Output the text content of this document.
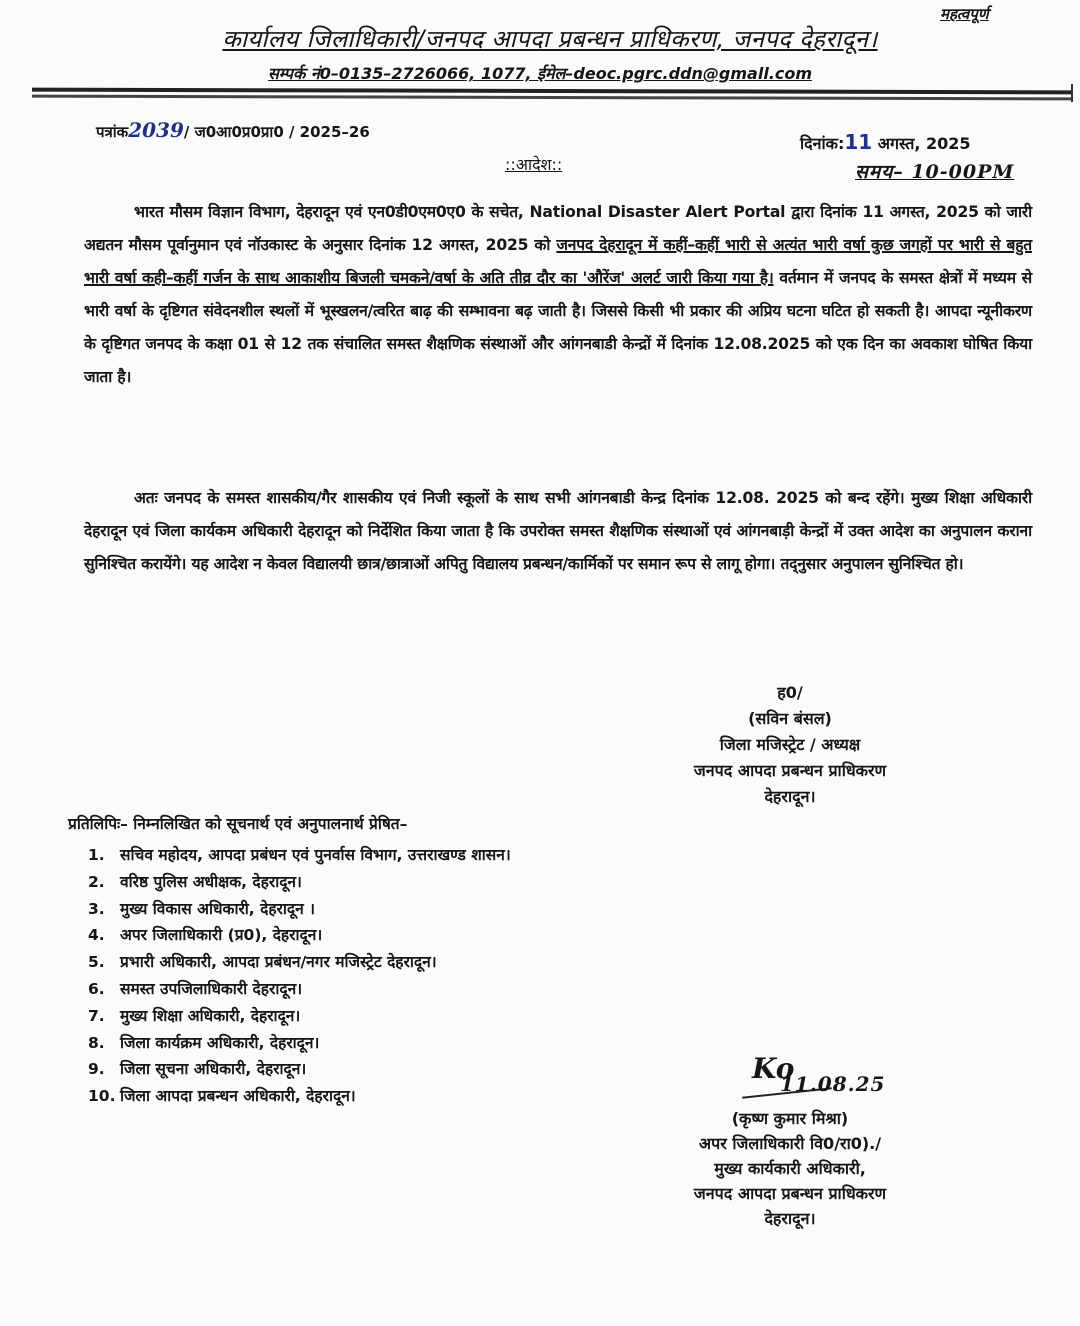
महत्वपूर्ण
कार्यालय जिलाधिकारी/जनपद आपदा प्रबन्धन प्राधिकरण, जनपद देहरादून।
सम्पर्क नं0–0135–2726066, 1077, ईमेल–deoc.pgrc.ddn@gmall.com
पत्रांक2039/ ज0आ0प्र0प्रा0 / 2025–26
दिनांक:11 अगस्त, 2025
::आदेश::	समय– 10-00PM
भारत मौसम विज्ञान विभाग, देहरादून एवं एन0डी0एम0ए0 के सचेत, National Disaster Alert Portal द्वारा दिनांक 11 अगस्त, 2025 को जारी अद्यतन मौसम पूर्वानुमान एवं नॉउकास्ट के अनुसार दिनांक 12 अगस्त, 2025 को जनपद देहरादून में कहीं–कहीं भारी से अत्यंत भारी वर्षा कुछ जगहों पर भारी से बहुत भारी वर्षा कही–कहीं गर्जन के साथ आकाशीय बिजली चमकने/वर्षा के अति तीव्र दौर का 'औरेंज' अलर्ट जारी किया गया है। वर्तमान में जनपद के समस्त क्षेत्रों में मध्यम से भारी वर्षा के दृष्टिगत संवेदनशील स्थलों में भूस्खलन/त्वरित बाढ़ की सम्भावना बढ़ जाती है। जिससे किसी भी प्रकार की अप्रिय घटना घटित हो सकती है। आपदा न्यूनीकरण के दृष्टिगत जनपद के कक्षा 01 से 12 तक संचालित समस्त शैक्षणिक संस्थाओं और आंगनबाडी केन्द्रों में दिनांक 12.08.2025 को एक दिन का अवकाश घोषित किया जाता है।
अतः जनपद के समस्त शासकीय/गैर शासकीय एवं निजी स्कूलों के साथ सभी आंगनबाडी केन्द्र दिनांक 12.08. 2025 को बन्द रहेंगे। मुख्य शिक्षा अधिकारी देहरादून एवं जिला कार्यकम अधिकारी देहरादून को निर्देशित किया जाता है कि उपरोक्त समस्त शैक्षणिक संस्थाओं एवं आंगनबाड़ी केन्द्रों में उक्त आदेश का अनुपालन कराना सुनिश्चित करायेंगे। यह आदेश न केवल विद्यालयी छात्र/छात्राओं अपितु विद्यालय प्रबन्धन/कार्मिकों पर समान रूप से लागू होगा। तद्नुसार अनुपालन सुनिश्चित हो।
ह0/
(सविन बंसल)
जिला मजिस्ट्रेट / अध्यक्ष
जनपद आपदा प्रबन्धन प्राधिकरण
देहरादून।
प्रतिलिपिः– निम्नलिखित को सूचनार्थ एवं अनुपालनार्थ प्रेषित–
1. सचिव महोदय, आपदा प्रबंधन एवं पुनर्वास विभाग, उत्तराखण्ड शासन।
2. वरिष्ठ पुलिस अधीक्षक, देहरादून।
3. मुख्य विकास अधिकारी, देहरादून ।
4. अपर जिलाधिकारी (प्र0), देहरादून।
5. प्रभारी अधिकारी, आपदा प्रबंधन/नगर मजिस्ट्रेट देहरादून।
6. समस्त उपजिलाधिकारी देहरादून।
7. मुख्य शिक्षा अधिकारी, देहरादून।
8. जिला कार्यक्रम अधिकारी, देहरादून।
9. जिला सूचना अधिकारी, देहरादून।
10. जिला आपदा प्रबन्धन अधिकारी, देहरादून।
Ko
11.08.25
(कृष्ण कुमार मिश्रा)
अपर जिलाधिकारी वि0/रा0)./
मुख्य कार्यकारी अधिकारी,
जनपद आपदा प्रबन्धन प्राधिकरण
देहरादून।
